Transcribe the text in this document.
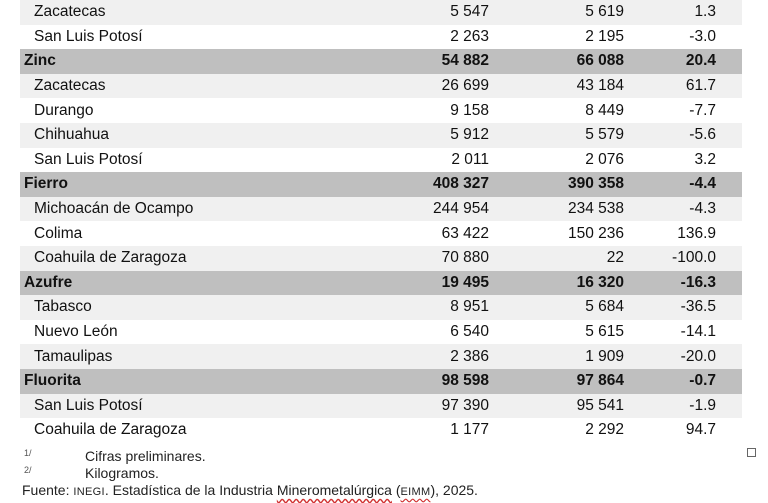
Zacatecas	5 547	5 619	1.3
San Luis Potosí	2 263	2 195	-3.0
Zinc	54 882	66 088	20.4
Zacatecas	26 699	43 184	61.7
Durango	9 158	8 449	-7.7
Chihuahua	5 912	5 579	-5.6
San Luis Potosí	2 011	2 076	3.2
Fierro	408 327	390 358	-4.4
Michoacán de Ocampo	244 954	234 538	-4.3
Colima	63 422	150 236	136.9
Coahuila de Zaragoza	70 880	22	-100.0
Azufre	19 495	16 320	-16.3
Tabasco	8 951	5 684	-36.5
Nuevo León	6 540	5 615	-14.1
Tamaulipas	2 386	1 909	-20.0
Fluorita	98 598	97 864	-0.7
San Luis Potosí	97 390	95 541	-1.9
Coahuila de Zaragoza	1 177	2 292	94.7
1/	Cifras preliminares.
2/	Kilogramos.
Fuente: INEGI. Estadística de la Industria Minerometalúrgica (EIMM), 2025.
